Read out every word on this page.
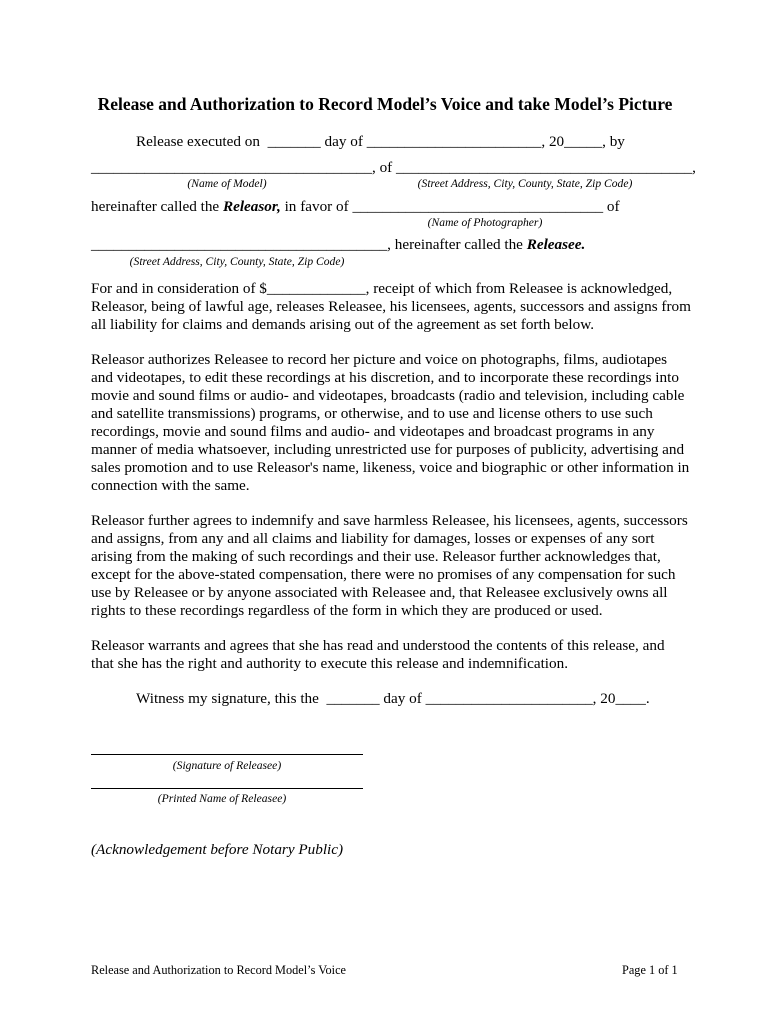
Release and Authorization to Record Model’s Voice and take Model’s Picture
Release executed on  _______ day of _______________________, 20_____, by
_____________________________________, of _______________________________________,
(Name of Model)	(Street Address, City, County, State, Zip Code)
hereinafter called the Releasor, in favor of _________________________________ of
(Name of Photographer)
_______________________________________, hereinafter called the Releasee.
(Street Address, City, County, State, Zip Code)
For and in consideration of $_____________, receipt of which from Releasee is acknowledged, Releasor, being of lawful age, releases Releasee, his licensees, agents, successors and assigns from all liability for claims and demands arising out of the agreement as set forth below.
Releasor authorizes Releasee to record her picture and voice on photographs, films, audiotapes and videotapes, to edit these recordings at his discretion, and to incorporate these recordings into movie and sound films or audio- and videotapes, broadcasts (radio and television, including cable and satellite transmissions) programs, or otherwise, and to use and license others to use such recordings, movie and sound films and audio- and videotapes and broadcast programs in any manner of media whatsoever, including unrestricted use for purposes of publicity, advertising and sales promotion and to use Releasor's name, likeness, voice and biographic or other information in connection with the same.
Releasor further agrees to indemnify and save harmless Releasee, his licensees, agents, successors and assigns, from any and all claims and liability for damages, losses or expenses of any sort arising from the making of such recordings and their use. Releasor further acknowledges that, except for the above-stated compensation, there were no promises of any compensation for such use by Releasee or by anyone associated with Releasee and, that Releasee exclusively owns all rights to these recordings regardless of the form in which they are produced or used.
Releasor warrants and agrees that she has read and understood the contents of this release, and that she has the right and authority to execute this release and indemnification.
Witness my signature, this the  _______ day of ______________________, 20____.
(Signature of Releasee)
(Printed Name of Releasee)
(Acknowledgement before Notary Public)
Release and Authorization to Record Model’s Voice	Page 1 of 1
